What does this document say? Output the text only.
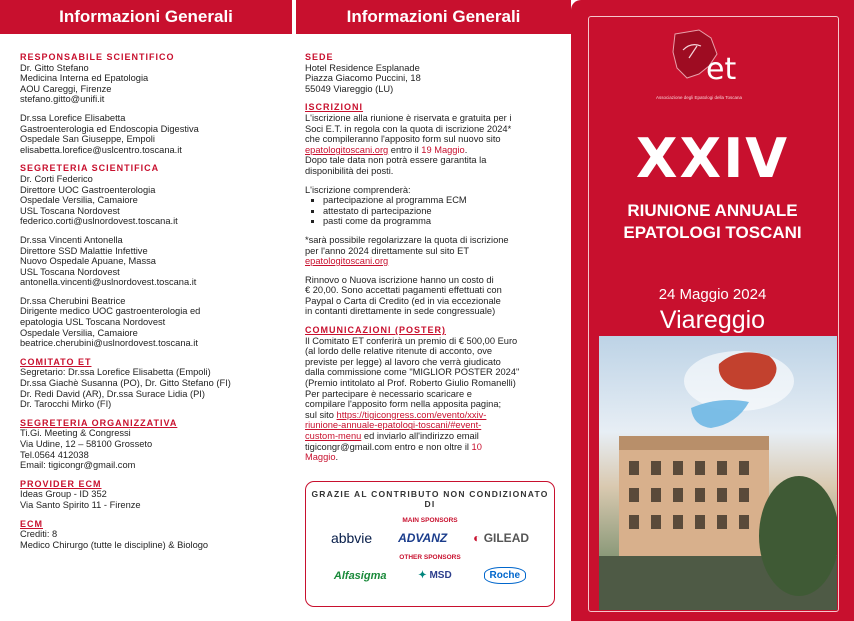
Informazioni Generali	Informazioni Generali
RESPONSABILE SCIENTIFICO
Dr. Gitto Stefano
Medicina Interna ed Epatologia
AOU Careggi, Firenze
stefano.gitto@unifi.it
Dr.ssa Lorefice Elisabetta
Gastroenterologia ed Endoscopia Digestiva
Ospedale San Giuseppe, Empoli
elisabetta.lorefice@uslcentro.toscana.it
SEGRETERIA SCIENTIFICA
Dr. Corti Federico
Direttore UOC Gastroenterologia
Ospedale Versilia, Camaiore
USL Toscana Nordovest
federico.corti@uslnordovest.toscana.it
Dr.ssa Vincenti Antonella
Direttore SSD Malattie Infettive
Nuovo Ospedale Apuane, Massa
USL Toscana Nordovest
antonella.vincenti@uslnordovest.toscana.it
Dr.ssa Cherubini Beatrice
Dirigente medico UOC gastroenterologia ed
epatologia USL Toscana Nordovest
Ospedale Versilia, Camaiore
beatrice.cherubini@uslnordovest.toscana.it
COMITATO ET
Segretario: Dr.ssa Lorefice Elisabetta (Empoli)
Dr.ssa Giachè Susanna (PO), Dr. Gitto Stefano (FI)
Dr. Redi David (AR), Dr.ssa Surace Lidia (PI)
Dr. Tarocchi Mirko (FI)
SEGRETERIA ORGANIZZATIVA
Ti.Gi. Meeting & Congressi
Via Udine, 12 – 58100 Grosseto
Tel.0564 412038
Email: tigicongr@gmail.com
PROVIDER ECM
Ideas Group - ID 352
Via Santo Spirito 11 - Firenze
ECM
Crediti: 8
Medico Chirurgo (tutte le discipline) & Biologo
SEDE
Hotel Residence Esplanade
Piazza Giacomo Puccini, 18
55049 Viareggio (LU)
ISCRIZIONI
L'iscrizione alla riunione è riservata e gratuita per i
Soci E.T. in regola con la quota di iscrizione 2024*
che compileranno l'apposito form sul nuovo sito
epatologitoscani.org entro il 19 Maggio.
Dopo tale data non potrà essere garantita la
disponibilità dei posti.
L'iscrizione comprenderà:
▪ partecipazione al programma ECM
▪ attestato di partecipazione
▪ pasti come da programma
*sarà possibile regolarizzare la quota di iscrizione
per l'anno 2024 direttamente sul sito ET
epatologitoscani.org
Rinnovo o Nuova iscrizione hanno un costo di
€ 20,00. Sono accettati pagamenti effettuati con
Paypal o Carta di Credito (ed in via eccezionale
in contanti direttamente in sede congressuale)
COMUNICAZIONI (POSTER)
Il Comitato ET conferirà un premio di € 500,00 Euro
(al lordo delle relative ritenute di acconto, ove
previste per legge) al lavoro che verrà giudicato
dalla commissione come "MIGLIOR POSTER 2024"
(Premio intitolato al Prof. Roberto Giulio Romanelli)
Per partecipare è necessario scaricare e
compilare l'apposito form nella apposita pagina;
sul sito https://tigicongress.com/evento/xxiv-
riunione-annuale-epatologi-toscani/#event-
custom-menu ed inviarlo all'indirizzo email
tigicongr@gmail.com entro e non oltre il 10
Maggio.
GRAZIE AL CONTRIBUTO NON CONDIZIONATO DI
MAIN SPONSORS
abbvie ADVANZ ◐ GILEAD
OTHER SPONSORS
Alfasigma	✦ MSD	Roche
et
Associazione degli Epatologi della Toscana
XXIV
RIUNIONE ANNUALE
EPATOLOGI TOSCANI
24 Maggio 2024
Viareggio
